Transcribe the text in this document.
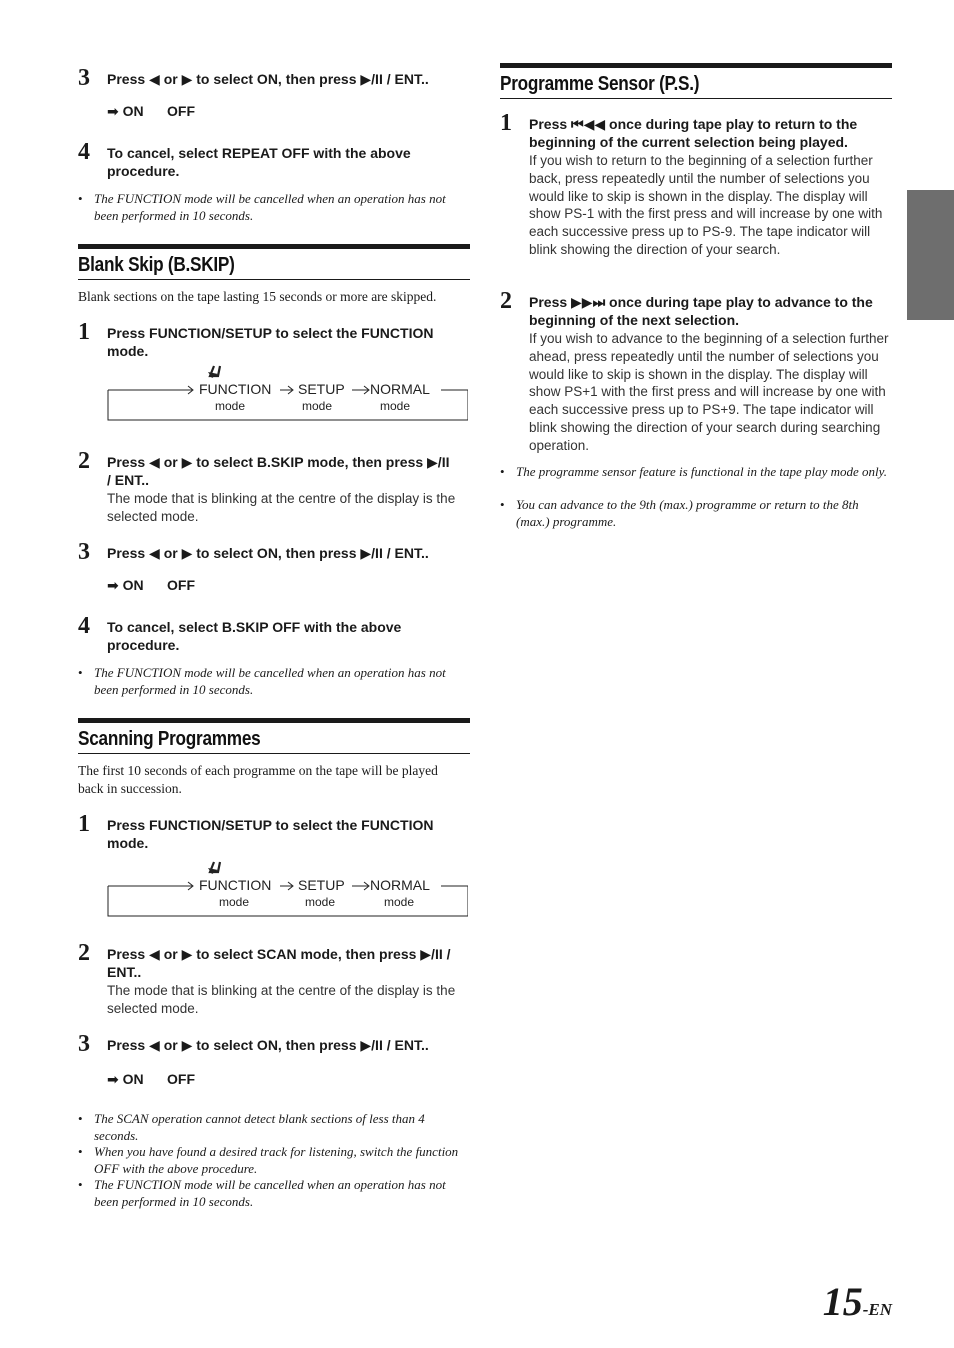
3 Press ◀ or ▶ to select ON, then press ▶/II / ENT..
➡ ON OFF
4 To cancel, select REPEAT OFF with the above procedure.
• The FUNCTION mode will be cancelled when an operation has not been performed in 10 seconds.
Blank Skip (B.SKIP)
Blank sections on the tape lasting 15 seconds or more are skipped.
1 Press FUNCTION/SETUP to select the FUNCTION mode.
FUNCTION SETUP NORMAL
mode	mode	mode
2 Press ◀ or ▶ to select B.SKIP mode, then press ▶/II / ENT..
The mode that is blinking at the centre of the display is the selected mode.
3 Press ◀ or ▶ to select ON, then press ▶/II / ENT..
➡ ON OFF
4 To cancel, select B.SKIP OFF with the above procedure.
• The FUNCTION mode will be cancelled when an operation has not been performed in 10 seconds.
Scanning Programmes
The first 10 seconds of each programme on the tape will be played back in succession.
1 Press FUNCTION/SETUP to select the FUNCTION mode.
FUNCTION SETUP NORMAL
mode	mode	mode
2 Press ◀ or ▶ to select SCAN mode, then press ▶/II / ENT..
The mode that is blinking at the centre of the display is the selected mode.
3 Press ◀ or ▶ to select ON, then press ▶/II / ENT..
➡ ON OFF
• The SCAN operation cannot detect blank sections of less than 4 seconds.
• When you have found a desired track for listening, switch the function OFF with the above procedure.
• The FUNCTION mode will be cancelled when an operation has not been performed in 10 seconds.
Programme Sensor (P.S.)
1 Press ⏮◀◀ once during tape play to return to the beginning of the current selection being played.
If you wish to return to the beginning of a selection further back, press repeatedly until the number of selections you would like to skip is shown in the display. The display will show PS-1 with the first press and will increase by one with each successive press up to PS-9. The tape indicator will blink showing the direction of your search.
2 Press ▶▶⏭ once during tape play to advance to the beginning of the next selection.
If you wish to advance to the beginning of a selection further ahead, press repeatedly until the number of selections you would like to skip is shown in the display. The display will show PS+1 with the first press and will increase by one with each successive press up to PS+9. The tape indicator will blink showing the direction of your search during searching operation.
• The programme sensor feature is functional in the tape play mode only.
• You can advance to the 9th (max.) programme or return to the 8th (max.) programme.
15-EN
